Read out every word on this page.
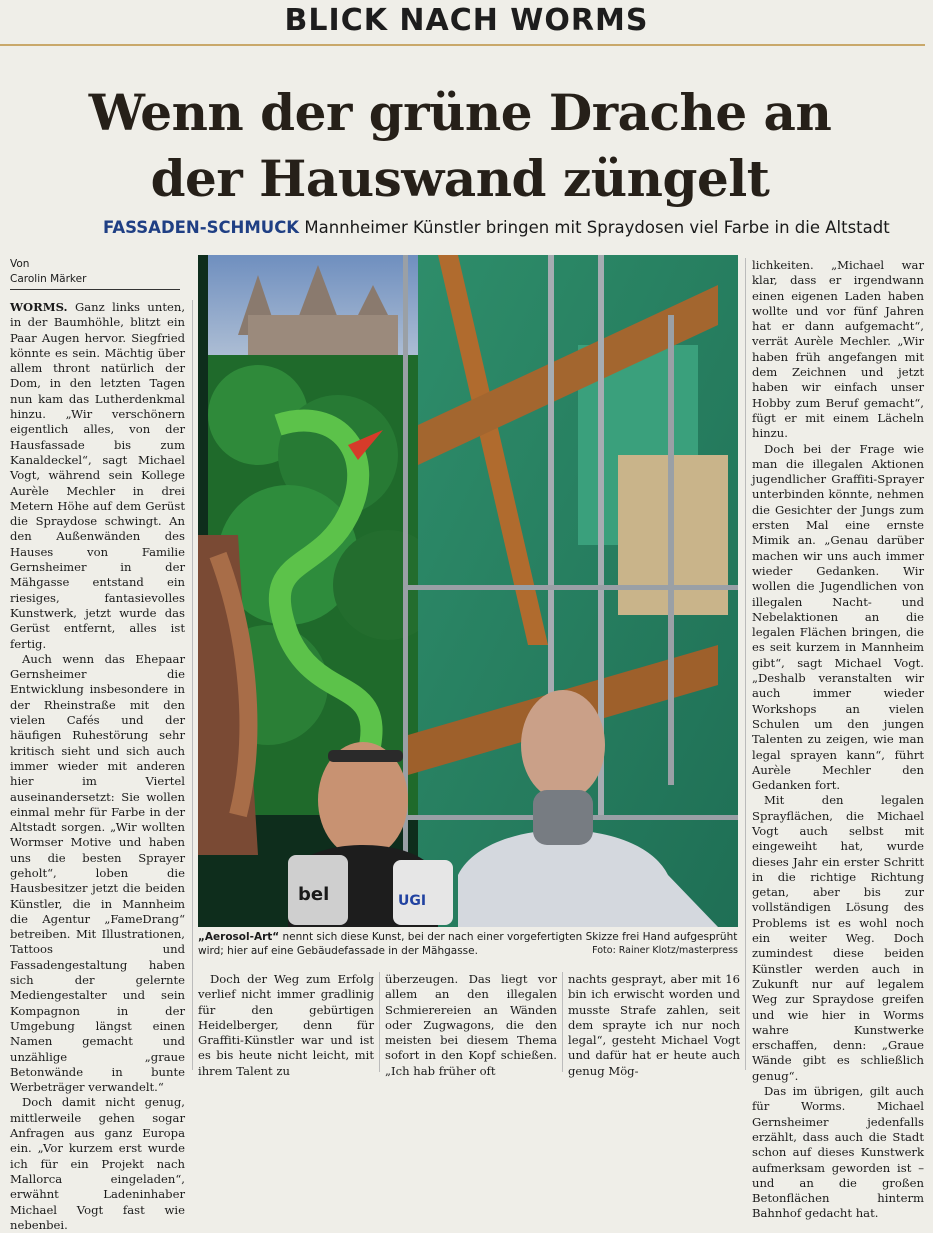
BLICK NACH WORMS
Wenn der grüne Drache an
der Hauswand züngelt
FASSADEN-SCHMUCK Mannheimer Künstler bringen mit Spraydosen viel Farbe in die Altstadt
Von
Carolin Märker

WORMS. Ganz links unten, in der Baumhöhle, blitzt ein Paar Augen hervor. Siegfried könnte es sein. Mächtig über allem thront natürlich der Dom, in den letzten Tagen nun kam das Lutherdenkmal hinzu. „Wir verschönern eigentlich alles, von der Hausfassade bis zum Kanaldeckel“, sagt Michael Vogt, während sein Kollege Aurèle Mechler in drei Metern Höhe auf dem Gerüst die Spraydose schwingt. An den Außenwänden des Hauses von Familie Gernsheimer in der Mähgasse entstand ein riesiges, fantasievolles Kunstwerk, jetzt wurde das Gerüst entfernt, alles ist fertig.

Auch wenn das Ehepaar Gernsheimer die Entwicklung insbesondere in der Rheinstraße mit den vielen Cafés und der häufigen Ruhestörung sehr kritisch sieht und sich auch immer wieder mit anderen hier im Viertel auseinandersetzt: Sie wollen einmal mehr für Farbe in der Altstadt sorgen. „Wir wollten Wormser Motive und haben uns die besten Sprayer geholt“, loben die Hausbesitzer jetzt die beiden Künstler, die in Mannheim die Agentur „FameDrang“ betreiben. Mit Illustrationen, Tattoos und Fassadengestaltung haben sich der gelernte Mediengestalter und sein Kompagnon in der Umgebung längst einen Namen gemacht und unzählige „graue Betonwände in bunte Werbeträger verwandelt.“

Doch damit nicht genug, mittlerweile gehen sogar Anfragen aus ganz Europa ein. „Vor kurzem erst wurde ich für ein Projekt nach Mallorca eingeladen“, erwähnt Ladeninhaber Michael Vogt fast wie nebenbei.

bel	UGI
„Aerosol-Art“ nennt sich diese Kunst, bei der nach einer vorgefertigten Skizze frei Hand aufgesprüht wird; hier auf eine Gebäudefassade in der Mähgasse.	Foto: Rainer Klotz/masterpress

Doch der Weg zum Erfolg verlief nicht immer gradlinig für den gebürtigen Heidelberger, denn für Graffiti-Künstler war und ist es bis heute nicht leicht, mit ihrem Talent zu

überzeugen. Das liegt vor allem an den illegalen Schmierereien an Wänden oder Zugwagons, die den meisten bei diesem Thema sofort in den Kopf schießen. „Ich hab früher oft

nachts gesprayt, aber mit 16 bin ich erwischt worden und musste Strafe zahlen, seit dem sprayte ich nur noch legal“, gesteht Michael Vogt und dafür hat er heute auch genug Mög-

lichkeiten. „Michael war klar, dass er irgendwann einen eigenen Laden haben wollte und vor fünf Jahren hat er dann aufgemacht“, verrät Aurèle Mechler. „Wir haben früh angefangen mit dem Zeichnen und jetzt haben wir einfach unser Hobby zum Beruf gemacht“, fügt er mit einem Lächeln hinzu.

Doch bei der Frage wie man die illegalen Aktionen jugendlicher Graffiti-Sprayer unterbinden könnte, nehmen die Gesichter der Jungs zum ersten Mal eine ernste Mimik an. „Genau darüber machen wir uns auch immer wieder Gedanken. Wir wollen die Jugendlichen von illegalen Nacht- und Nebelaktionen an die legalen Flächen bringen, die es seit kurzem in Mannheim gibt“, sagt Michael Vogt. „Deshalb veranstalten wir auch immer wieder Workshops an vielen Schulen um den jungen Talenten zu zeigen, wie man legal sprayen kann“, führt Aurèle Mechler den Gedanken fort.

Mit den legalen Sprayflächen, die Michael Vogt auch selbst mit eingeweiht hat, wurde dieses Jahr ein erster Schritt in die richtige Richtung getan, aber bis zur vollständigen Lösung des Problems ist es wohl noch ein weiter Weg. Doch zumindest diese beiden Künstler werden auch in Zukunft nur auf legalem Weg zur Spraydose greifen und wie hier in Worms wahre Kunstwerke erschaffen, denn: „Graue Wände gibt es schließlich genug“.

Das im übrigen, gilt auch für Worms. Michael Gernsheimer jedenfalls erzählt, dass auch die Stadt schon auf dieses Kunstwerk aufmerksam geworden ist – und an die großen Betonflächen hinterm Bahnhof gedacht hat.
